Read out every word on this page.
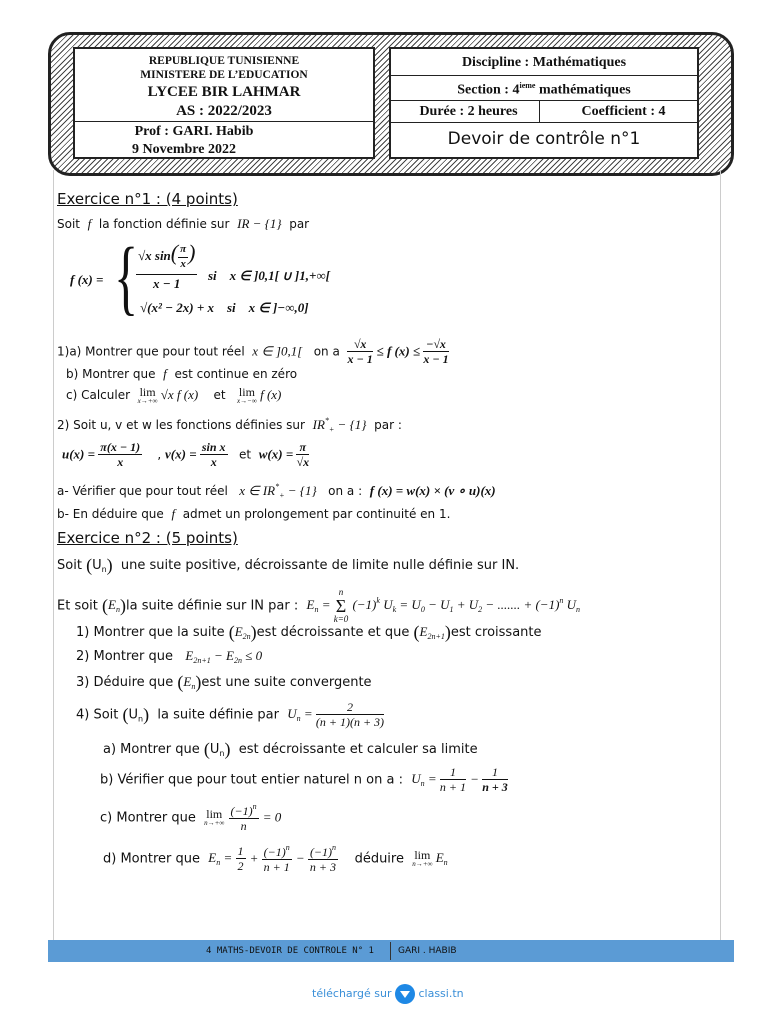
REPUBLIQUE TUNISIENNE
MINISTERE DE L’EDUCATION
LYCEE BIR LAHMAR
AS : 2022/2023
Prof : GARI. Habib
9 Novembre 2022
Discipline : Mathématiques
Section : 4ieme mathématiques
Durée : 2 heures	Coefficient : 4
Devoir de contrôle n°1
Exercice n°1 : (4 points)
Soit f la fonction définie sur IR − {1} par
f (x) = { √x $\sin( \frac{\pi}{x}$ )
x − 1
si    x ∈ ]0,1[ ∪ ]1,+∞[
√(x² − 2x) + x    si    x ∈ ]−∞,0]
1)a) Montrer que pour tout réel x ∈ ]0,1[ on a $\frac{√x}{x - 1} \le f$ $(x) \le \frac{-√x}{x - 1}$
b) Montrer que f est continue en zéro
c) Calculer lim
x→+∞ √x f (x) et lim
x→−∞ f (x)
2) Soit u, v et w les fonctions définies sur $IR^*_+ - \{1\}$ par :
$u(x) = \frac{\pi(x - 1)}{x}$ , $v(x) = \frac{\text{sin x}}{x}$ et $w(x) = \frac{\pi}{√x}$
a- Vérifier que pour tout réel x ∈ $IR^*_+ - \{1\}$ on a : f (x) = w(x) × (v ∘ u)(x)
b- En déduire que f admet un prolongement par continuité en 1.
Exercice n°2 : (5 points)
Soit $(U_n)$ une suite positive, décroissante de limite nulle définie sur IN.
Et soit $(E_n)la$ suite définie sur IN par : $E_n$ =
n
Σ
k=0
$(-1)^k$ $U_k = U_0 - U_1 + U_2$ − ....... + $(-1)^n$ $U_n$
1) Montrer que la suite $(E_{2n})est$ décroissante et que $(E_{2n+1})est$ croissante
2) Montrer que $E_{2n+1} - E_{2n} \le 0$
3) Déduire que $(E_n)est$ une suite convergente
4) Soit $(U_n)$ la suite définie par $U_n = \frac{2}{(n + 1)(n + 3)}$
a) Montrer que $(U_n)$ est décroissante et calculer sa limite
b) Vérifier que pour tout entier naturel n on a : $U_n = \frac{1}{n + 1} - \frac{1}{n + 3}$
c) Montrer que lim
n→+∞
$\frac{(-1)^n}{n} = 0$
d) Montrer que $E_n = \frac{1}{2} + \frac{(-1)^n}{n + 1} - \frac{(-1)^n}{n + 3}$ déduire lim
n→+∞ $E_n$
4 MATHS-DEVOIR DE CONTROLE N° 1	GARI . HABIB
téléchargé sur classi.tn
